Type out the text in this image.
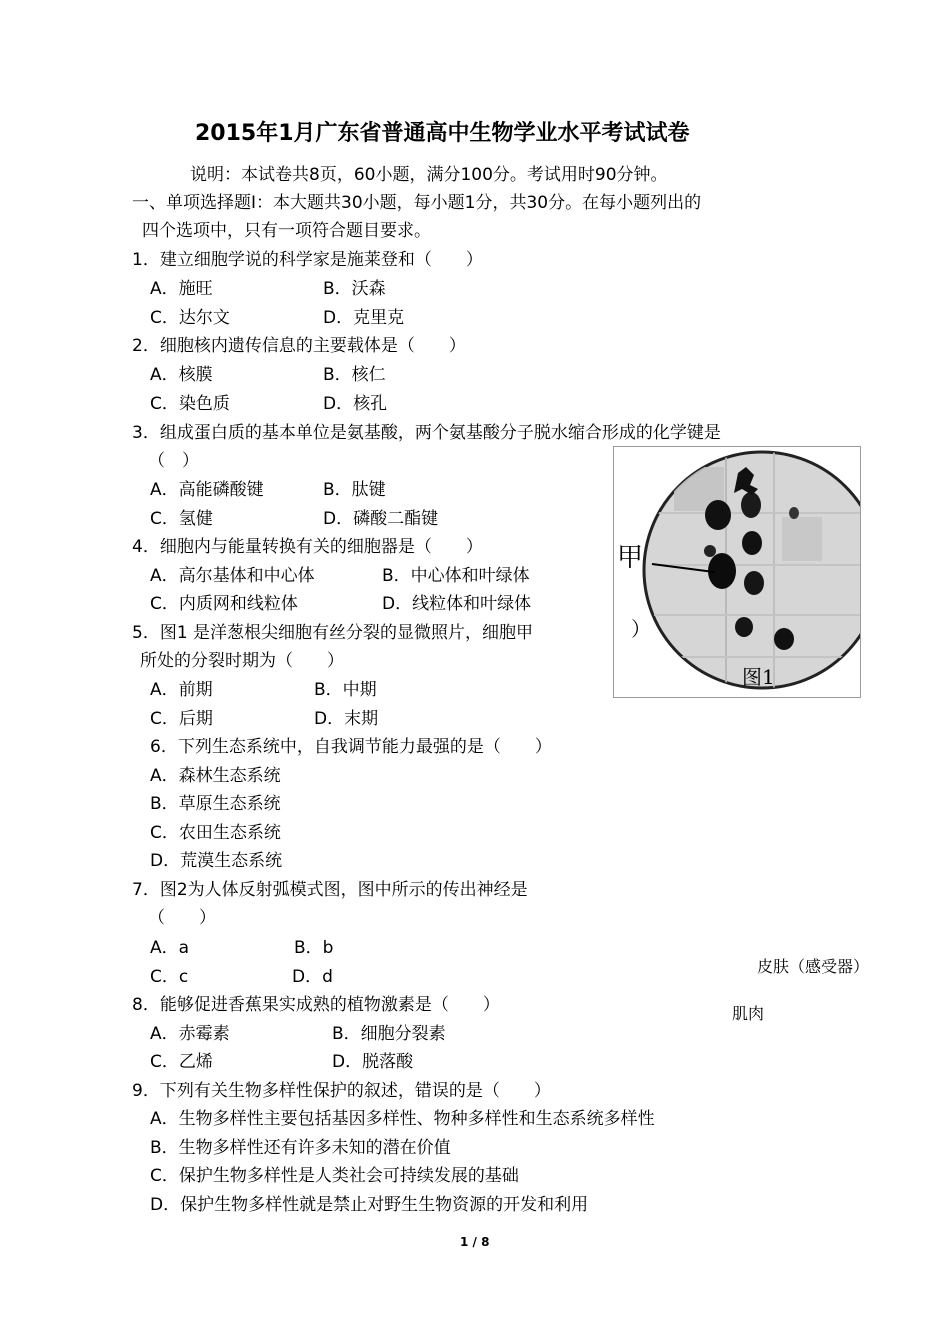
2015年1月广东省普通高中生物学业水平考试试卷
说明：本试卷共8页，60小题，满分100分。考试用时90分钟。
一、单项选择题Ⅰ：本大题共30小题，每小题1分，共30分。在每小题列出的
四个选项中，只有一项符合题目要求。
1．建立细胞学说的科学家是施莱登和（　　）
A．施旺	B．沃森
C．达尔文	D．克里克
2．细胞核内遗传信息的主要载体是（　　）
A．核膜	B．核仁
C．染色质	D．核孔
3．组成蛋白质的基本单位是氨基酸，两个氨基酸分子脱水缩合形成的化学键是
（　）
A．高能磷酸键	B．肽键
C．氢健	D．磷酸二酯键
4．细胞内与能量转换有关的细胞器是（　　）
A．高尔基体和中心体	B．中心体和叶绿体
C．内质网和线粒体	D．线粒体和叶绿体
5．图1 是洋葱根尖细胞有丝分裂的显微照片，细胞甲
所处的分裂时期为（　　）
A．前期	B．中期
C．后期	D．末期
6．下列生态系统中，自我调节能力最强的是（　　）
A．森林生态系统
B．草原生态系统
C．农田生态系统
D．荒漠生态系统
7．图2为人体反射弧模式图，图中所示的传出神经是
（　　）
A．a	B．b
C．c	D．d
8．能够促进香蕉果实成熟的植物激素是（　　）
A．赤霉素	B．细胞分裂素
C．乙烯	D．脱落酸
9．下列有关生物多样性保护的叙述，错误的是（　　）
A．生物多样性主要包括基因多样性、物种多样性和生态系统多样性
B．生物多样性还有许多未知的潜在价值
C．保护生物多样性是人类社会可持续发展的基础
D．保护生物多样性就是禁止对野生生物资源的开发和利用
甲
）
图1
皮肤（感受器）
肌肉
1 / 8
